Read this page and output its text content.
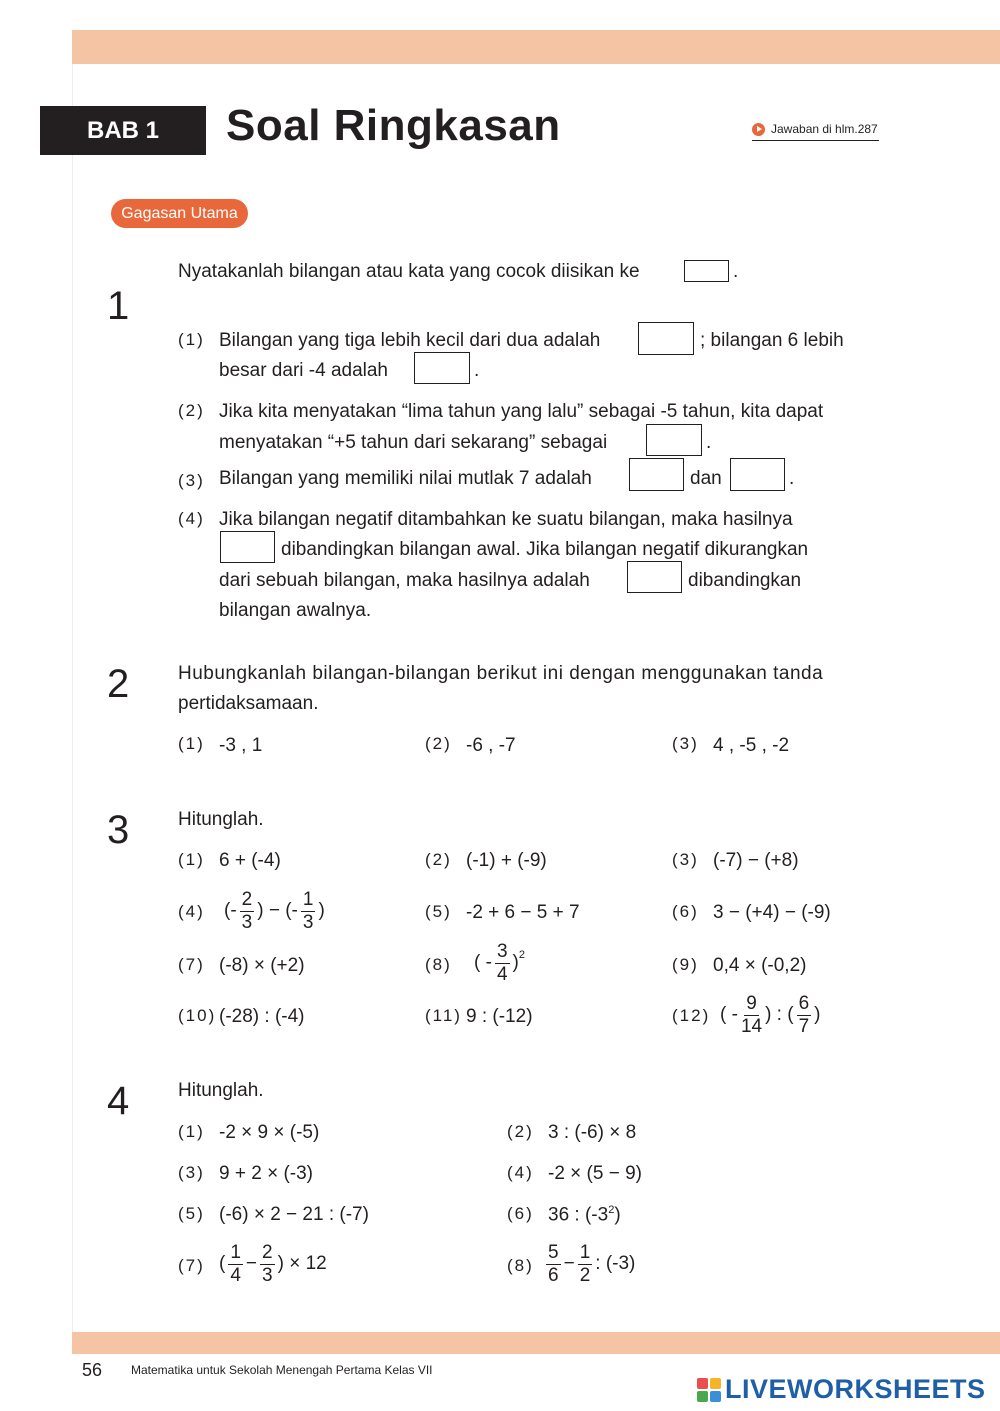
BAB 1	Soal Ringkasan	Jawaban di hlm.287
Gagasan Utama
1
Nyatakanlah bilangan atau kata yang cocok diisikan ke	.
(1) Bilangan yang tiga lebih kecil dari dua adalah	; bilangan 6 lebih
besar dari -4 adalah	.
(2) Jika kita menyatakan “lima tahun yang lalu” sebagai -5 tahun, kita dapat
menyatakan “+5 tahun dari sekarang” sebagai	.
(3) Bilangan yang memiliki nilai mutlak 7 adalah	dan	.
(4) Jika bilangan negatif ditambahkan ke suatu bilangan, maka hasilnya
dibandingkan bilangan awal. Jika bilangan negatif dikurangkan
dari sebuah bilangan, maka hasilnya adalah	dibandingkan
bilangan awalnya.
2	Hubungkanlah bilangan-bilangan berikut ini dengan menggunakan tanda
pertidaksamaan.
(1) -3 , 1	(2) -6 , -7	(3) 4 , -5 , -2
3	Hitunglah.
(1) 6 + (-4)	(2) (-1) + (-9)	(3) (-7) − (+8)
(4) (- $\frac{2}{3}$ ) − (- $\frac{1}{3}$ )	(5) -2 + 6 − 5 + 7	(6) 3 − (+4) − (-9)
(7) (-8) × (+2)	(8) ( - $\frac{3}{4}$ ) 2	(9) 0,4 × (-0,2)
(10) (-28) : (-4)	(11) 9 : (-12)	(12) ( - $\frac{9}{14}$ ) : ( $\frac{6}{7}$ )
4	Hitunglah.
(1) -2 × 9 × (-5)	(2) 3 : (-6) × 8
(3) 9 + 2 × (-3)	(4) -2 × (5 − 9)
(5) (-6) × 2 − 21 : (-7)	(6) 36 : $(-3^2)$
(7) ( $\frac{1}{4} - \frac{2}{3}$ ) × 12	$(8) \frac{5}{6} - \frac{1}{2}$ : (-3)
56 Matematika untuk Sekolah Menengah Pertama Kelas VII
LIVEWORKSHEETS
